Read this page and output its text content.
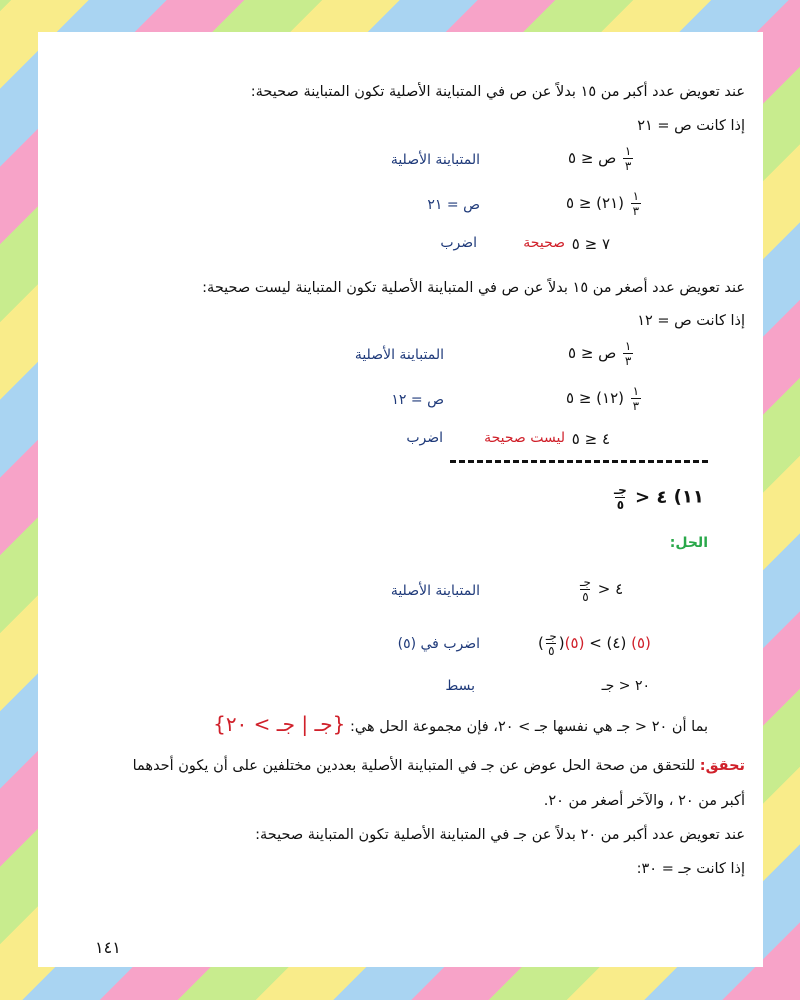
عند تعويض عدد أكبر من ١٥ بدلاً عن ص في المتباينة الأصلية تكون المتباينة صحيحة:
إذا كانت ص = ٢١
ص ≤ ٥ $\frac{١}{٣}$
المتباينة الأصلية
(٢١) ≤ ٥ $\frac{١}{٣}$
ص = ٢١
٧ ≤ ٥
صحيحة
اضرب
عند تعويض عدد أصغر من ١٥ بدلاً عن ص في المتباينة الأصلية تكون المتباينة ليست صحيحة:
إذا كانت ص = ١٢
ص ≤ ٥ $\frac{١}{٣}$
المتباينة الأصلية
(١٢) ≤ ٥ $\frac{١}{٣}$
ص = ١٢
٤ ≤ ٥
ليست صحيحة
اضرب
$\frac{\text{جـ}}{٥}$ ٤ < (١١
الحل:
$\frac{\text{جـ}}{٥}$ ٤ <
المتباينة الأصلية
( $\frac{\text{جـ}}{٥}$ )(٥) < (٤) (٥)
اضرب في (٥)
٢٠ < جـ
بسط
بما أن ٢٠ < جـ هي نفسها جـ > ٢٠، فإن مجموعة الحل هي: {جـ | جـ > ٢٠}
تحقق: للتحقق من صحة الحل عوض عن جـ في المتباينة الأصلية بعددين مختلفين على أن يكون أحدهما
أكبر من ٢٠ ، والآخر أصغر من ٢٠.
عند تعويض عدد أكبر من ٢٠ بدلاً عن جـ في المتباينة الأصلية تكون المتباينة صحيحة:
إذا كانت جـ = ٣٠:
١٤١
